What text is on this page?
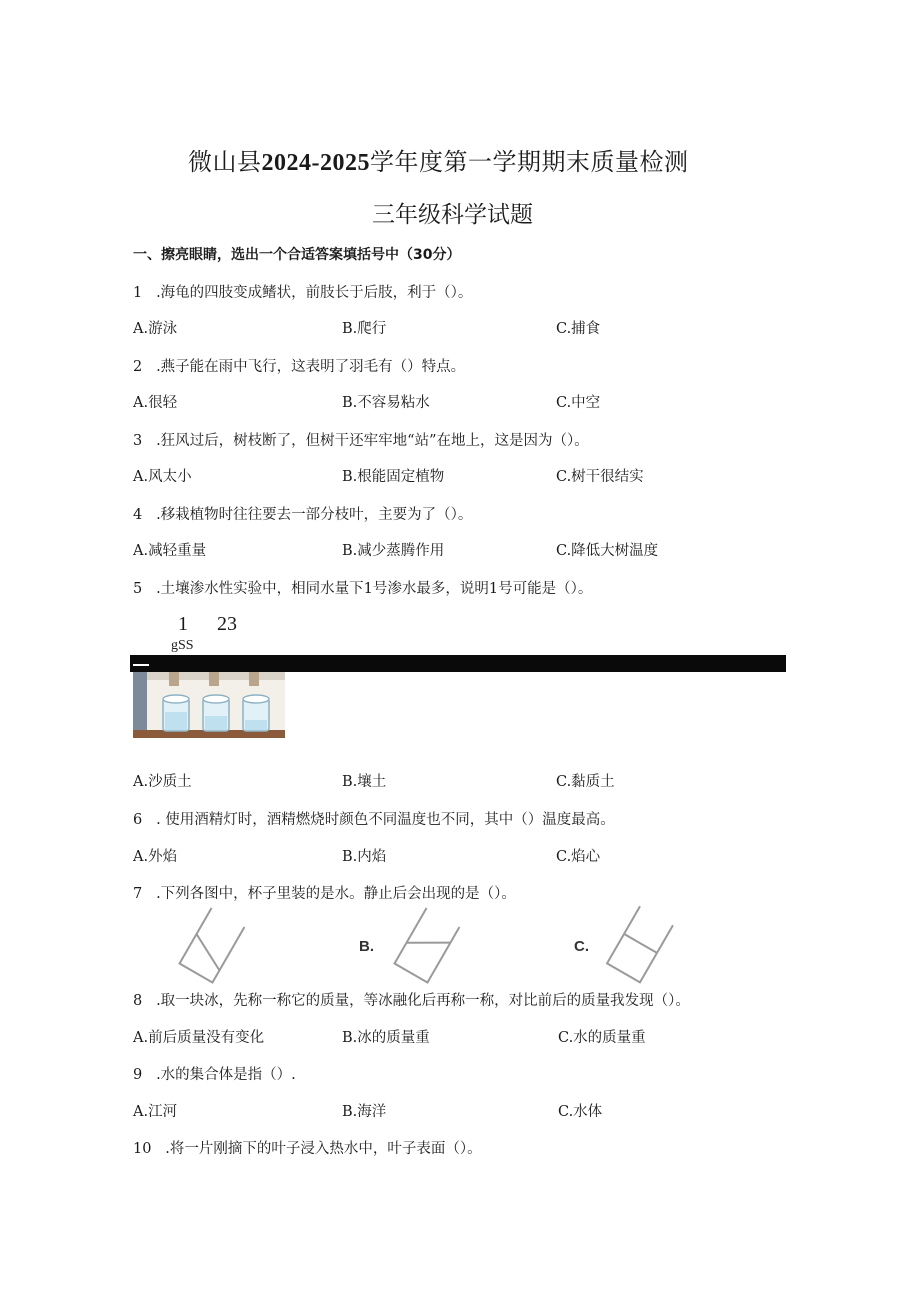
微山县2024-2025学年度第一学期期末质量检测
三年级科学试题
一、擦亮眼睛，选出一个合适答案填括号中（30分）
1 .海龟的四肢变成鳍状，前肢长于后肢，利于（）。
A.游泳	B.爬行	C.捕食
2 .燕子能在雨中飞行，这表明了羽毛有（）特点。
A.很轻	B.不容易粘水	C.中空
3 .狂风过后，树枝断了，但树干还牢牢地“站”在地上，这是因为（）。
A.风太小	B.根能固定植物	C.树干很结实
4 .移栽植物时往往要去一部分枝叶，主要为了（）。
A.减轻重量	B.减少蒸腾作用	C.降低大树温度
5 .土壤渗水性实验中，相同水量下1号渗水最多，说明1号可能是（）。
1 23
gSS
A.沙质土	B.壤土	C.黏质土
6 . 使用酒精灯时，酒精燃烧时颜色不同温度也不同，其中（）温度最高。
A.外焰	B.内焰	C.焰心
7 .下列各图中，杯子里装的是水。静止后会出现的是（）。
B.	C.
8 .取一块冰，先称一称它的质量，等冰融化后再称一称，对比前后的质量我发现（）。
A.前后质量没有变化	B.冰的质量重	C.水的质量重
9 .水的集合体是指（）.
A.江河	B.海洋	C.水体
10 .将一片刚摘下的叶子浸入热水中，叶子表面（）。
